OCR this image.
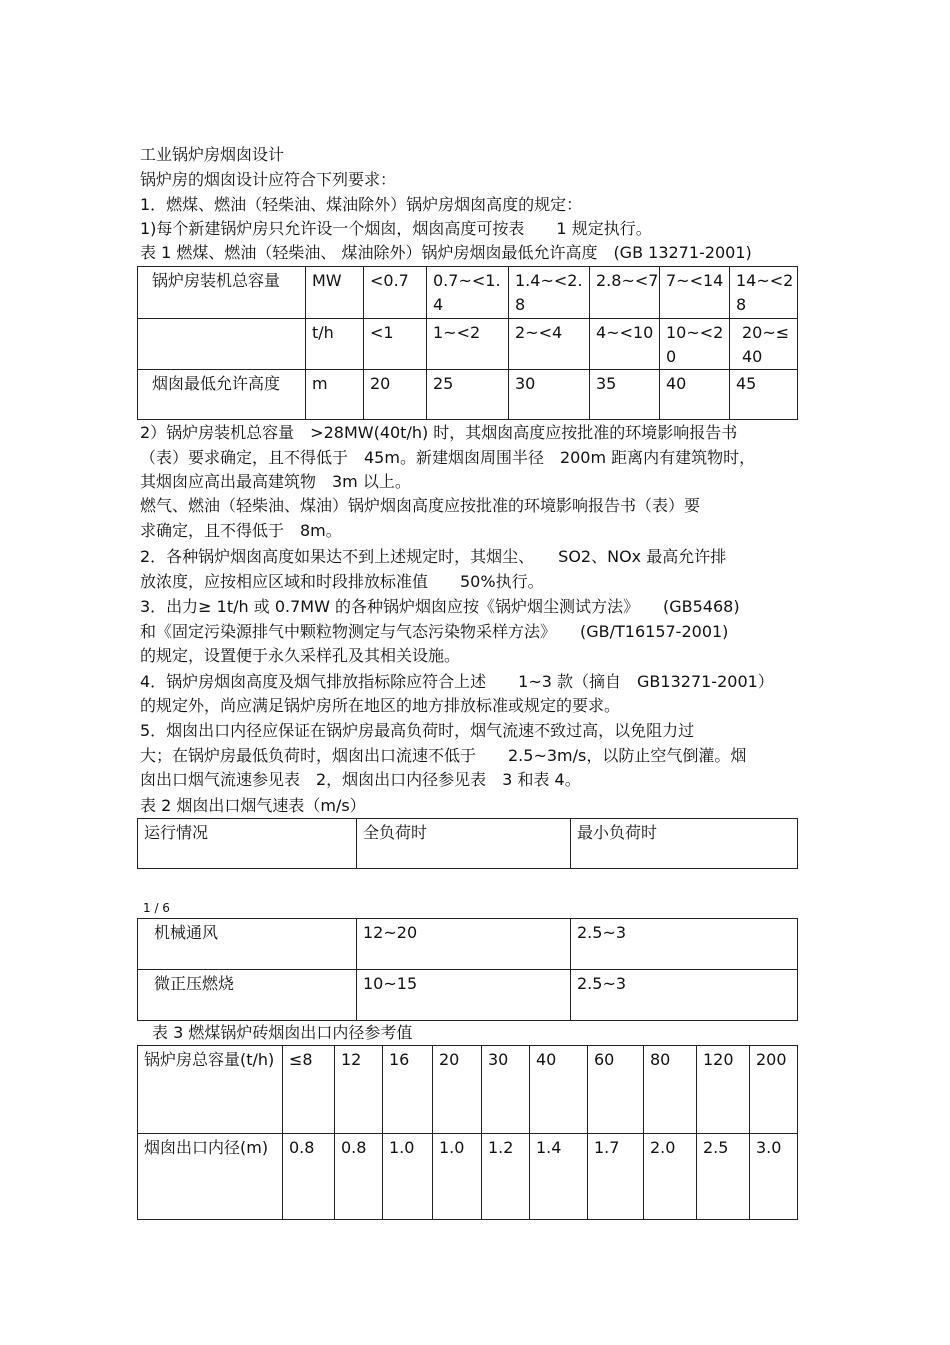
工业锅炉房烟囱设计
锅炉房的烟囱设计应符合下列要求：
1．燃煤、燃油（轻柴油、煤油除外）锅炉房烟囱高度的规定：
1)每个新建锅炉房只允许设一个烟囱，烟囱高度可按表　　1 规定执行。
表 1 燃煤、燃油（轻柴油、 煤油除外）锅炉房烟囱最低允许高度　(GB 13271-2001)
锅炉房装机总容量	MW	<0.7	0.7~<1.4	1.4~<2.8	2.8~<7	7~<14	14~<28
	t/h	<1	1~<2	2~<4	4~<10	10~<20	20~≤40
烟囱最低允许高度	m	20	25	30	35	40	45
2）锅炉房装机总容量　>28MW(40t/h) 时，其烟囱高度应按批准的环境影响报告书
（表）要求确定，且不得低于　45m。新建烟囱周围半径　200m 距离内有建筑物时，
其烟囱应高出最高建筑物　3m 以上。
燃气、燃油（轻柴油、煤油）锅炉烟囱高度应按批准的环境影响报告书（表）要
求确定，且不得低于　8m。
2．各种锅炉烟囱高度如果达不到上述规定时，其烟尘、　　SO2、NOx 最高允许排
放浓度，应按相应区域和时段排放标准值　　50%执行。
3．出力≥ 1t/h 或 0.7MW 的各种锅炉烟囱应按《锅炉烟尘测试方法》　　(GB5468)
和《固定污染源排气中颗粒物测定与气态污染物采样方法》　　(GB/T16157-2001)
的规定，设置便于永久采样孔及其相关设施。
4．锅炉房烟囱高度及烟气排放指标除应符合上述　　1~3 款（摘自　GB13271-2001）
的规定外，尚应满足锅炉房所在地区的地方排放标准或规定的要求。
5．烟囱出口内径应保证在锅炉房最高负荷时，烟气流速不致过高，以免阻力过
大；在锅炉房最低负荷时，烟囱出口流速不低于　　2.5~3m/s，以防止空气倒灌。烟
囱出口烟气流速参见表　2，烟囱出口内径参见表　3 和表 4。
表 2 烟囱出口烟气速表（m/s）
运行情况	全负荷时	最小负荷时
1 / 6
机械通风	12~20	2.5~3
微正压燃烧	10~15	2.5~3
表 3 燃煤锅炉砖烟囱出口内径参考值
锅炉房总容量(t/h)	≤8	12	16	20	30	40	60	80	120	200
烟囱出口内径(m)	0.8	0.8	1.0	1.0	1.2	1.4	1.7	2.0	2.5	3.0
